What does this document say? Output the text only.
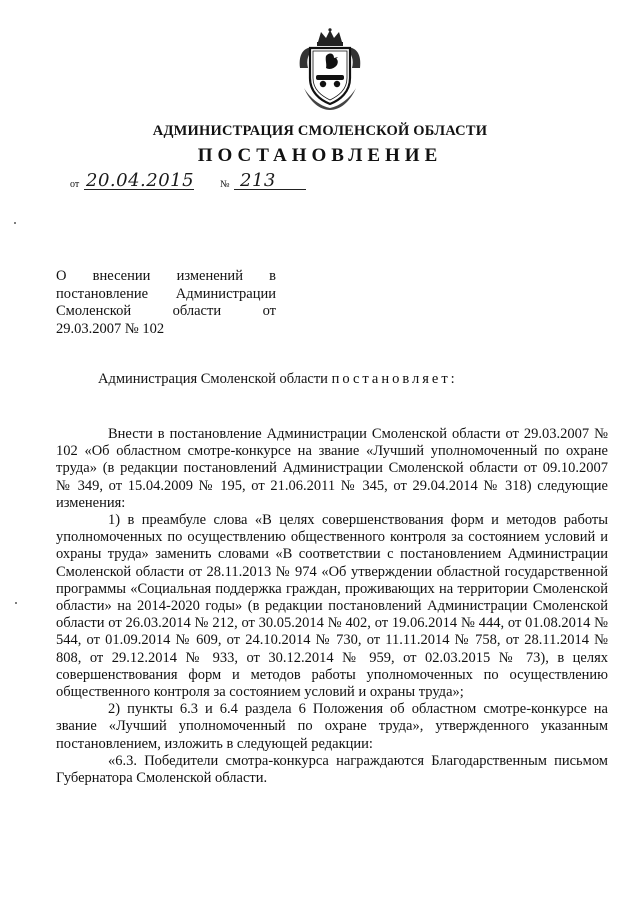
АДМИНИСТРАЦИЯ СМОЛЕНСКОЙ ОБЛАСТИ
ПОСТАНОВЛЕНИЕ
от 20.04.2015	№ 213
О внесении изменений в
постановление Администрации
Смоленской области от
29.03.2007 № 102
Администрация Смоленской области постановляет:

Внести в постановление Администрации Смоленской области от 29.03.2007 № 102 «Об областном смотре-конкурсе на звание «Лучший уполномоченный по охране труда» (в редакции постановлений Администрации Смоленской области от 09.10.2007 № 349, от 15.04.2009 № 195, от 21.06.2011 № 345, от 29.04.2014 № 318) следующие изменения:

1) в преамбуле слова «В целях совершенствования форм и методов работы уполномоченных по осуществлению общественного контроля за состоянием условий и охраны труда» заменить словами «В соответствии с постановлением Администрации Смоленской области от 28.11.2013 № 974 «Об утверждении областной государственной программы «Социальная поддержка граждан, проживающих на территории Смоленской области» на 2014-2020 годы» (в редакции постановлений Администрации Смоленской области от 26.03.2014 № 212, от 30.05.2014 № 402, от 19.06.2014 № 444, от 01.08.2014 № 544, от 01.09.2014 № 609, от 24.10.2014 № 730, от 11.11.2014 № 758, от 28.11.2014 № 808, от 29.12.2014 № 933, от 30.12.2014 № 959, от 02.03.2015 № 73), в целях совершенствования форм и методов работы уполномоченных по осуществлению общественного контроля за состоянием условий и охраны труда»;

2) пункты 6.3 и 6.4 раздела 6 Положения об областном смотре-конкурсе на звание «Лучший уполномоченный по охране труда», утвержденного указанным постановлением, изложить в следующей редакции:

«6.3. Победители смотра-конкурса награждаются Благодарственным письмом Губернатора Смоленской области.
